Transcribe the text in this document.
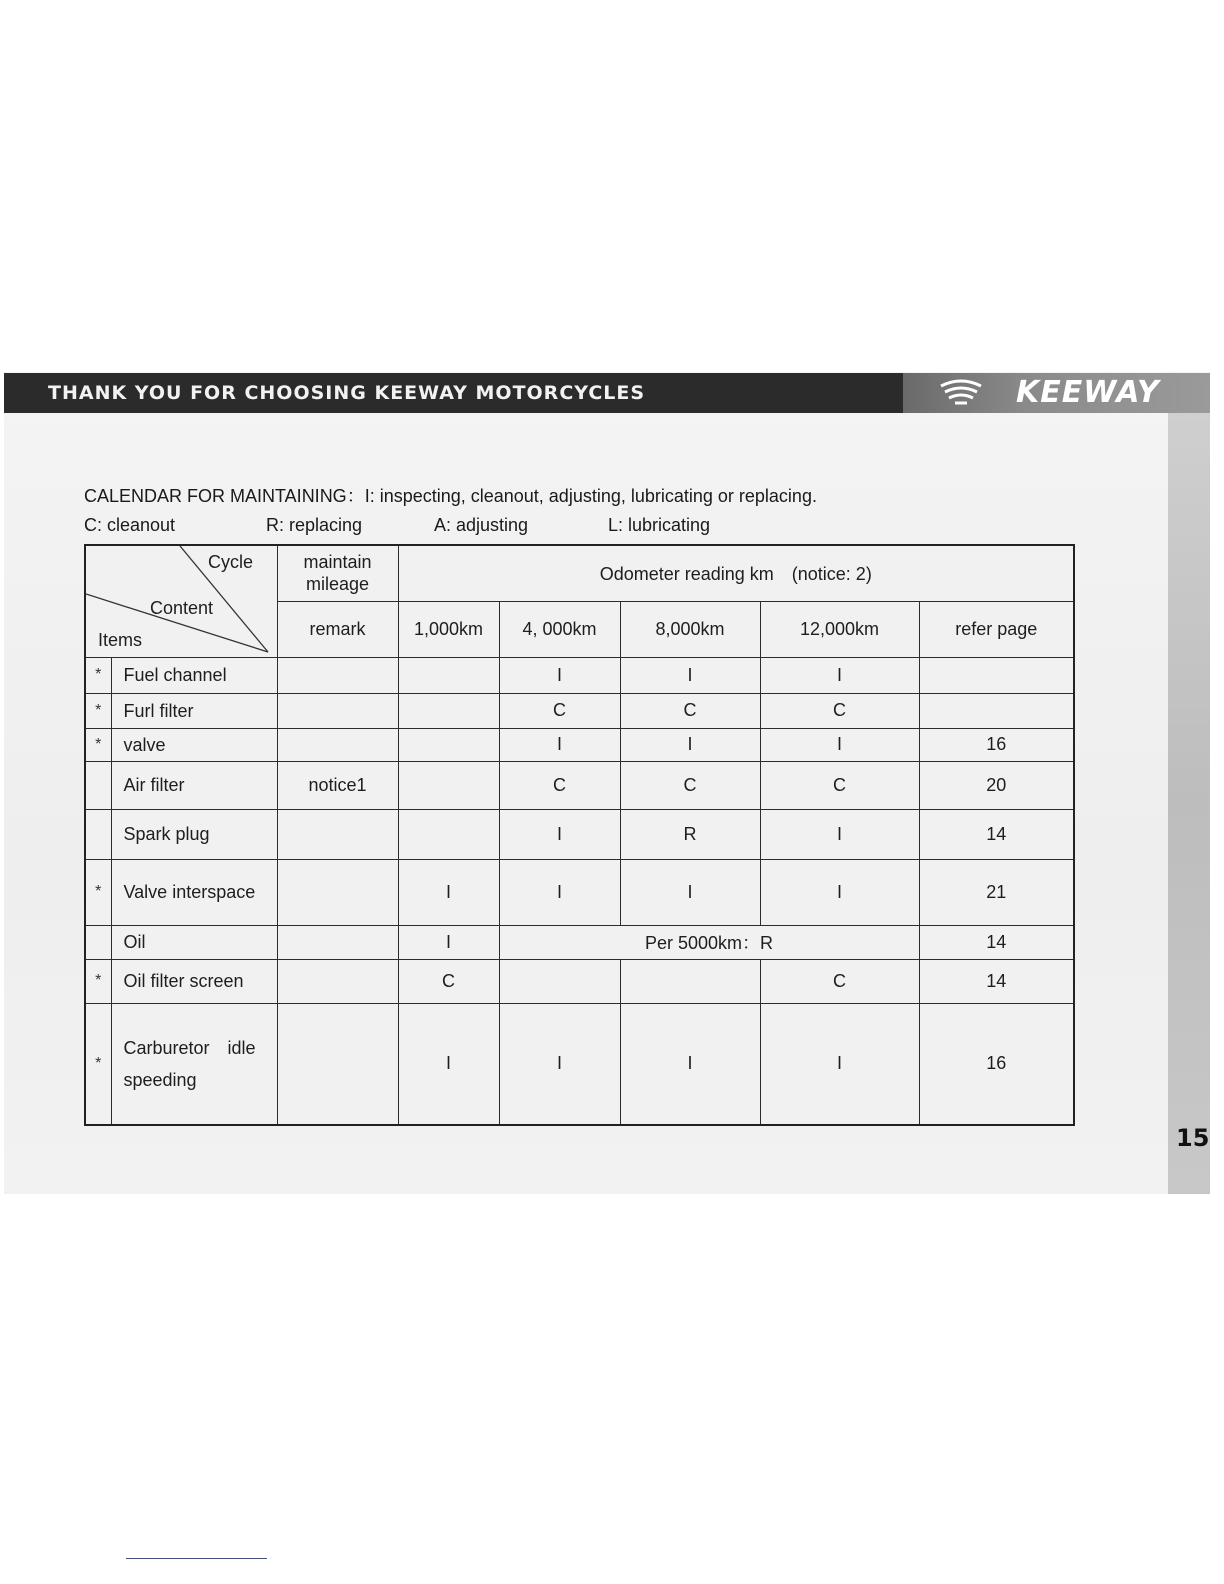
THANK YOU FOR CHOOSING KEEWAY MOTORCYCLES	KEEWAY
15
CALENDAR FOR MAINTAINING：I: inspecting, cleanout, adjusting, lubricating or replacing.
C: cleanout	R: replacing	A: adjusting	L: lubricating
Cycle
Content
Items		maintain mileage	Odometer reading km　(notice: 2)				
		remark	1,000km	4, 000km	8,000km	12,000km	refer page
*	Fuel channel			I	I	I	
*	Furl filter			C	C	C	
*	valve			I	I	I	16
	Air filter	notice1		C	C	C	20
	Spark plug			I	R	I	14
*	Valve interspace		I	I	I	I	21
	Oil		I	Per 5000km：R			14
*	Oil filter screen		C			C	14
*	Carburetor　idle speeding		I	I	I	I	16
